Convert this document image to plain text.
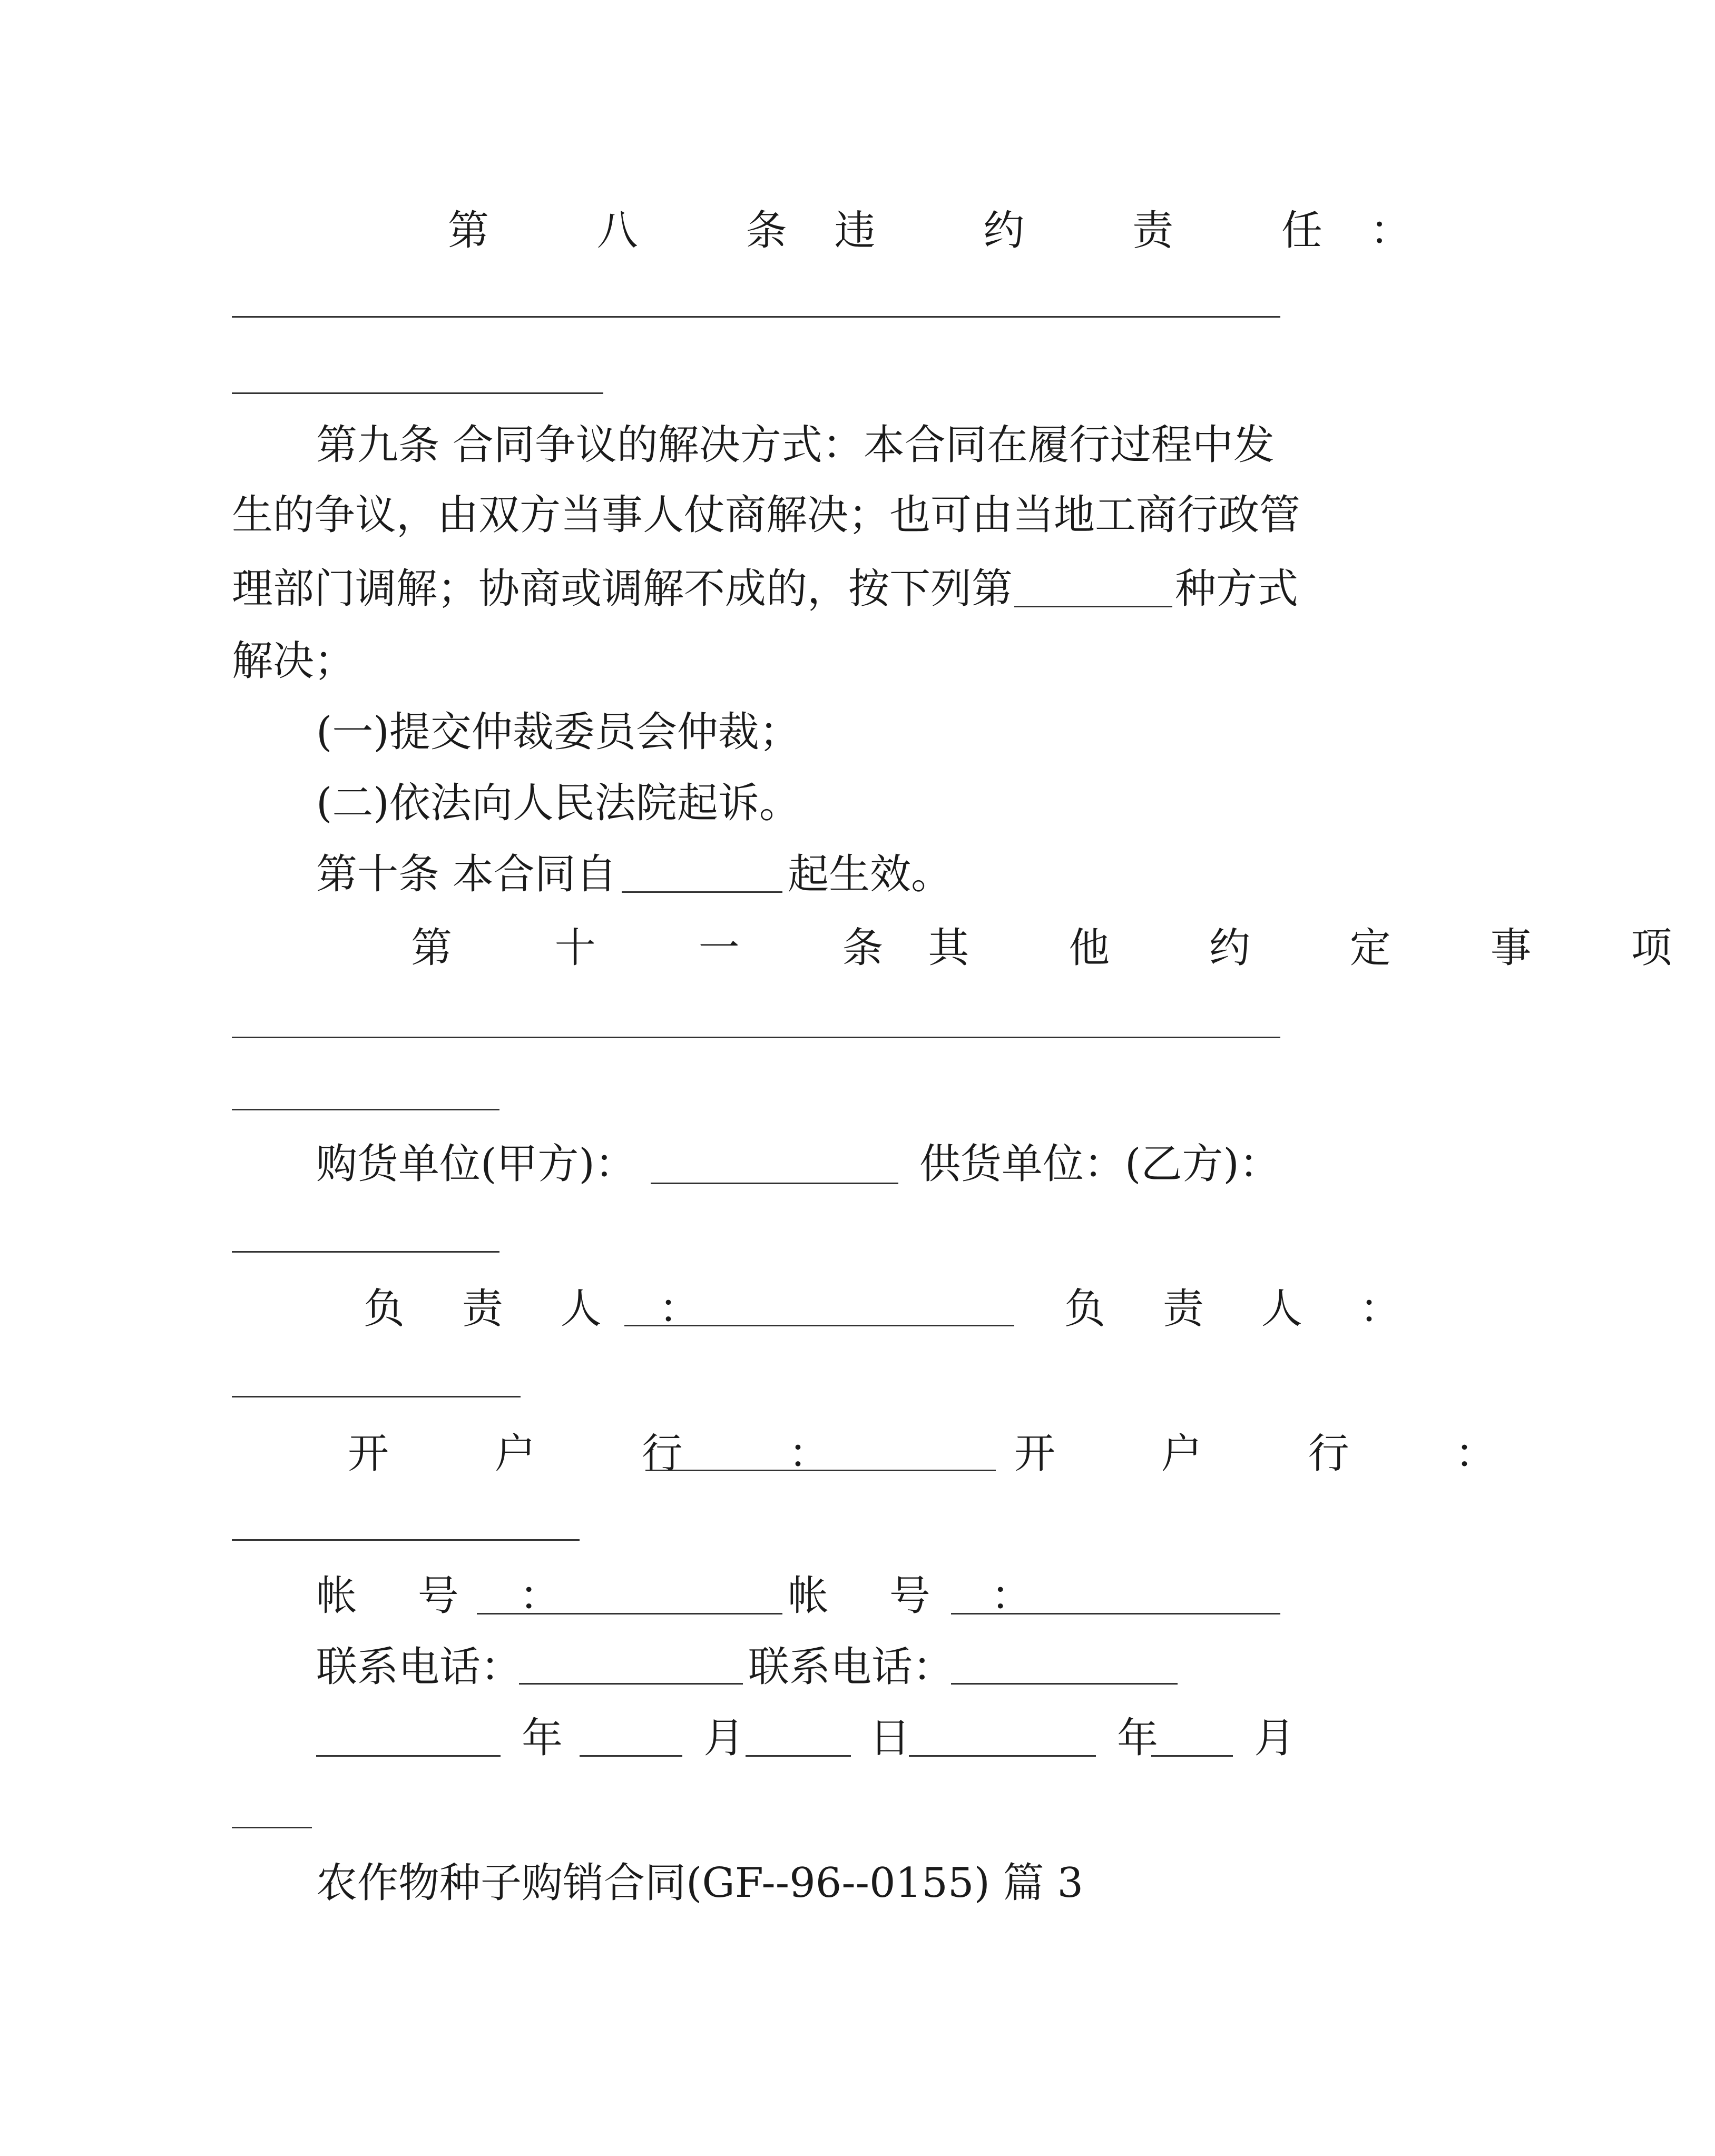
第 八 条 违 约 责 任 ：
第九条 合同争议的解决方式：本合同在履行过程中发
生的争议，由双方当事人仗商解决；也可由当地工商行政管
理部门调解；协商或调解不成的，按下列第	种方式
解决；
(一)提交仲裁委员会仲裁；
(二)依法向人民法院起诉。
第十条 本合同自	起生效。
第 十 一 条 其 他 约 定 事 项
购货单位(甲方)：	供货单位：(乙方)：
负 责 人 ：	负 责 人 ：
开 户 行 ：	开 户 行 ：
帐 号 ：	帐 号 ：
联系电话：	联系电话：
年	月	日	年 月
农作物种子购销合同(GF--96--0155) 篇 3
